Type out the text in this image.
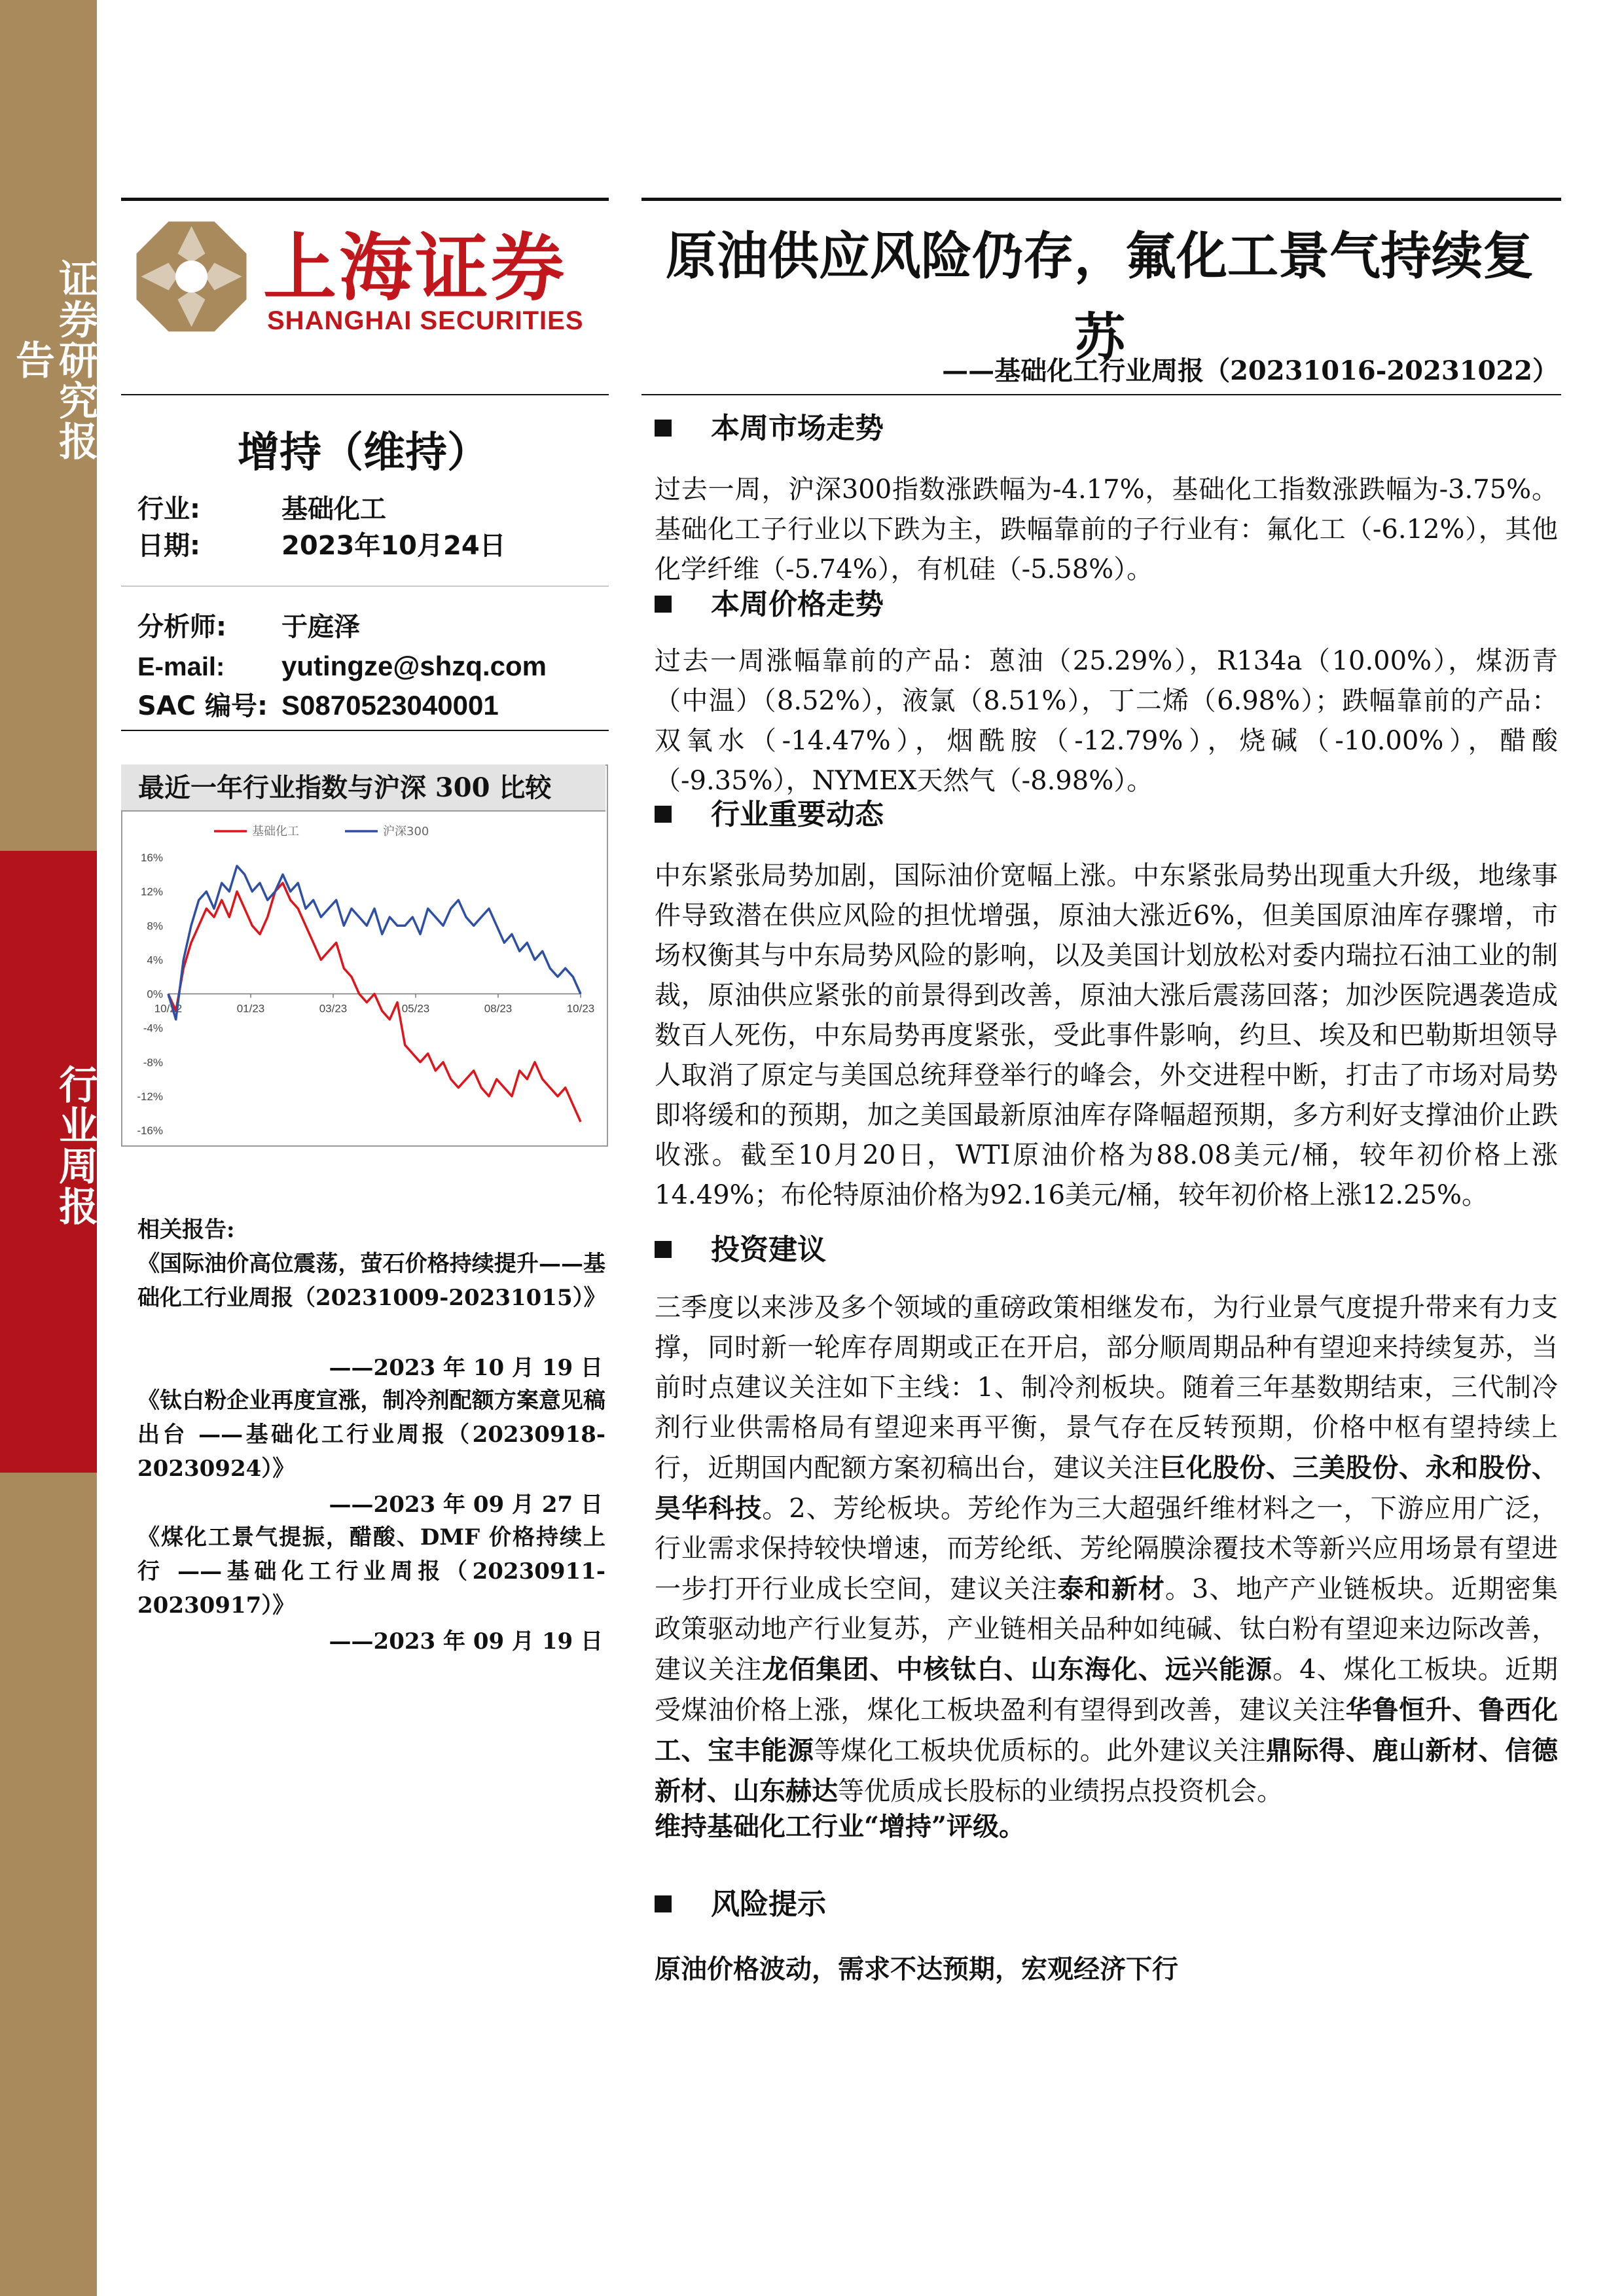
证券研究报告
行业周报
上海证券
SHANGHAI SECURITIES
原油供应风险仍存，氟化工景气持续复苏
——基础化工行业周报（20231016-20231022）
增持（维持）
行业:	基础化工
日期:	2023年10月24日
分析师: 于庭泽
E-mail: yutingze@shzq.com
SAC 编号: S0870523040001
最近一年行业指数与沪深 300 比较
16%
12%
8%
4%
0%
-4%
-8%
-12%
-16%
10/22	01/23	03/23	05/23	08/23	10/23
基础化工	沪深300
相关报告:
《国际油价高位震荡，萤石价格持续提升——基础化工行业周报（20231009-20231015）》
——2023 年 10 月 19 日
《钛白粉企业再度宣涨，制冷剂配额方案意见稿出台 ——基础化工行业周报（20230918-20230924）》
——2023 年 09 月 27 日
《煤化工景气提振，醋酸、DMF 价格持续上行 ——基础化工行业周报（20230911-20230917）》
——2023 年 09 月 19 日
本周市场走势
过去一周，沪深300指数涨跌幅为-4.17%，基础化工指数涨跌幅为-3.75%。基础化工子行业以下跌为主，跌幅靠前的子行业有：氟化工（-6.12%），其他化学纤维（-5.74%），有机硅（-5.58%）。
本周价格走势
过去一周涨幅靠前的产品：蒽油（25.29%），R134a（10.00%），煤沥青（中温）（8.52%），液氯（8.51%），丁二烯（6.98%）；跌幅靠前的产品：双氧水（-14.47%），烟酰胺（-12.79%），烧碱（-10.00%），醋酸（-9.35%），NYMEX天然气（-8.98%）。
行业重要动态
中东紧张局势加剧，国际油价宽幅上涨。中东紧张局势出现重大升级，地缘事件导致潜在供应风险的担忧增强，原油大涨近6%，但美国原油库存骤增，市场权衡其与中东局势风险的影响，以及美国计划放松对委内瑞拉石油工业的制裁，原油供应紧张的前景得到改善，原油大涨后震荡回落；加沙医院遇袭造成数百人死伤，中东局势再度紧张，受此事件影响，约旦、埃及和巴勒斯坦领导人取消了原定与美国总统拜登举行的峰会，外交进程中断，打击了市场对局势即将缓和的预期，加之美国最新原油库存降幅超预期，多方利好支撑油价止跌收涨。截至10月20日，WTI原油价格为88.08美元/桶，较年初价格上涨14.49%；布伦特原油价格为92.16美元/桶，较年初价格上涨12.25%。
投资建议
三季度以来涉及多个领域的重磅政策相继发布，为行业景气度提升带来有力支撑，同时新一轮库存周期或正在开启，部分顺周期品种有望迎来持续复苏，当前时点建议关注如下主线：1、制冷剂板块。随着三年基数期结束，三代制冷剂行业供需格局有望迎来再平衡，景气存在反转预期，价格中枢有望持续上行，近期国内配额方案初稿出台，建议关注巨化股份、三美股份、永和股份、昊华科技。2、芳纶板块。芳纶作为三大超强纤维材料之一，下游应用广泛，行业需求保持较快增速，而芳纶纸、芳纶隔膜涂覆技术等新兴应用场景有望进一步打开行业成长空间，建议关注泰和新材。3、地产产业链板块。近期密集政策驱动地产行业复苏，产业链相关品种如纯碱、钛白粉有望迎来边际改善，建议关注龙佰集团、中核钛白、山东海化、远兴能源。4、煤化工板块。近期受煤油价格上涨，煤化工板块盈利有望得到改善，建议关注华鲁恒升、鲁西化工、宝丰能源等煤化工板块优质标的。此外建议关注鼎际得、鹿山新材、信德新材、山东赫达等优质成长股标的业绩拐点投资机会。
维持基础化工行业“增持”评级。
风险提示
原油价格波动，需求不达预期，宏观经济下行
